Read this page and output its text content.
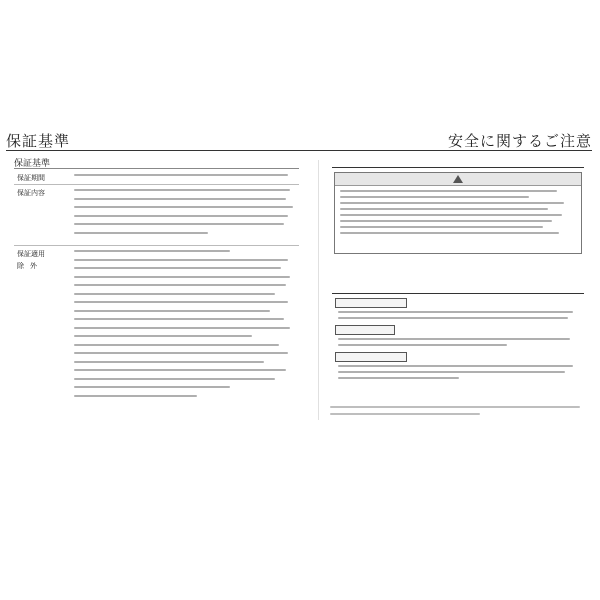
保証基準	安全に関するご注意
保証基準
保証期間
保証内容
保証適用
除外
